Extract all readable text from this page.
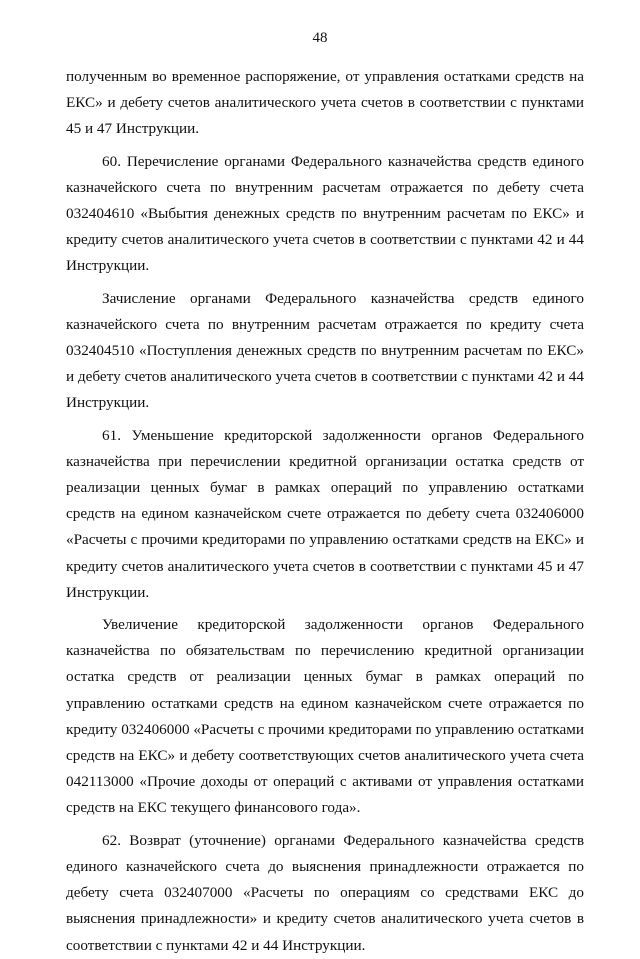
48

полученным во временное распоряжение, от управления остатками средств на ЕКС» и дебету счетов аналитического учета счетов в соответствии с пунктами 45 и 47 Инструкции.

60. Перечисление органами Федерального казначейства средств единого казначейского счета по внутренним расчетам отражается по дебету счета 032404610 «Выбытия денежных средств по внутренним расчетам по ЕКС» и кредиту счетов аналитического учета счетов в соответствии с пунктами 42 и 44 Инструкции.

Зачисление органами Федерального казначейства средств единого казначейского счета по внутренним расчетам отражается по кредиту счета 032404510 «Поступления денежных средств по внутренним расчетам по ЕКС» и дебету счетов аналитического учета счетов в соответствии с пунктами 42 и 44 Инструкции.

61. Уменьшение кредиторской задолженности органов Федерального казначейства при перечислении кредитной организации остатка средств от реализации ценных бумаг в рамках операций по управлению остатками средств на едином казначейском счете отражается по дебету счета 032406000 «Расчеты с прочими кредиторами по управлению остатками средств на ЕКС» и кредиту счетов аналитического учета счетов в соответствии с пунктами 45 и 47 Инструкции.

Увеличение кредиторской задолженности органов Федерального казначейства по обязательствам по перечислению кредитной организации остатка средств от реализации ценных бумаг в рамках операций по управлению остатками средств на едином казначейском счете отражается по кредиту 032406000 «Расчеты с прочими кредиторами по управлению остатками средств на ЕКС» и дебету соответствующих счетов аналитического учета счета 042113000 «Прочие доходы от операций с активами от управления остатками средств на ЕКС текущего финансового года».

62. Возврат (уточнение) органами Федерального казначейства средств единого казначейского счета до выяснения принадлежности отражается по дебету счета 032407000 «Расчеты по операциям со средствами ЕКС до выяснения принадлежности» и кредиту счетов аналитического учета счетов в соответствии с пунктами 42 и 44 Инструкции.
